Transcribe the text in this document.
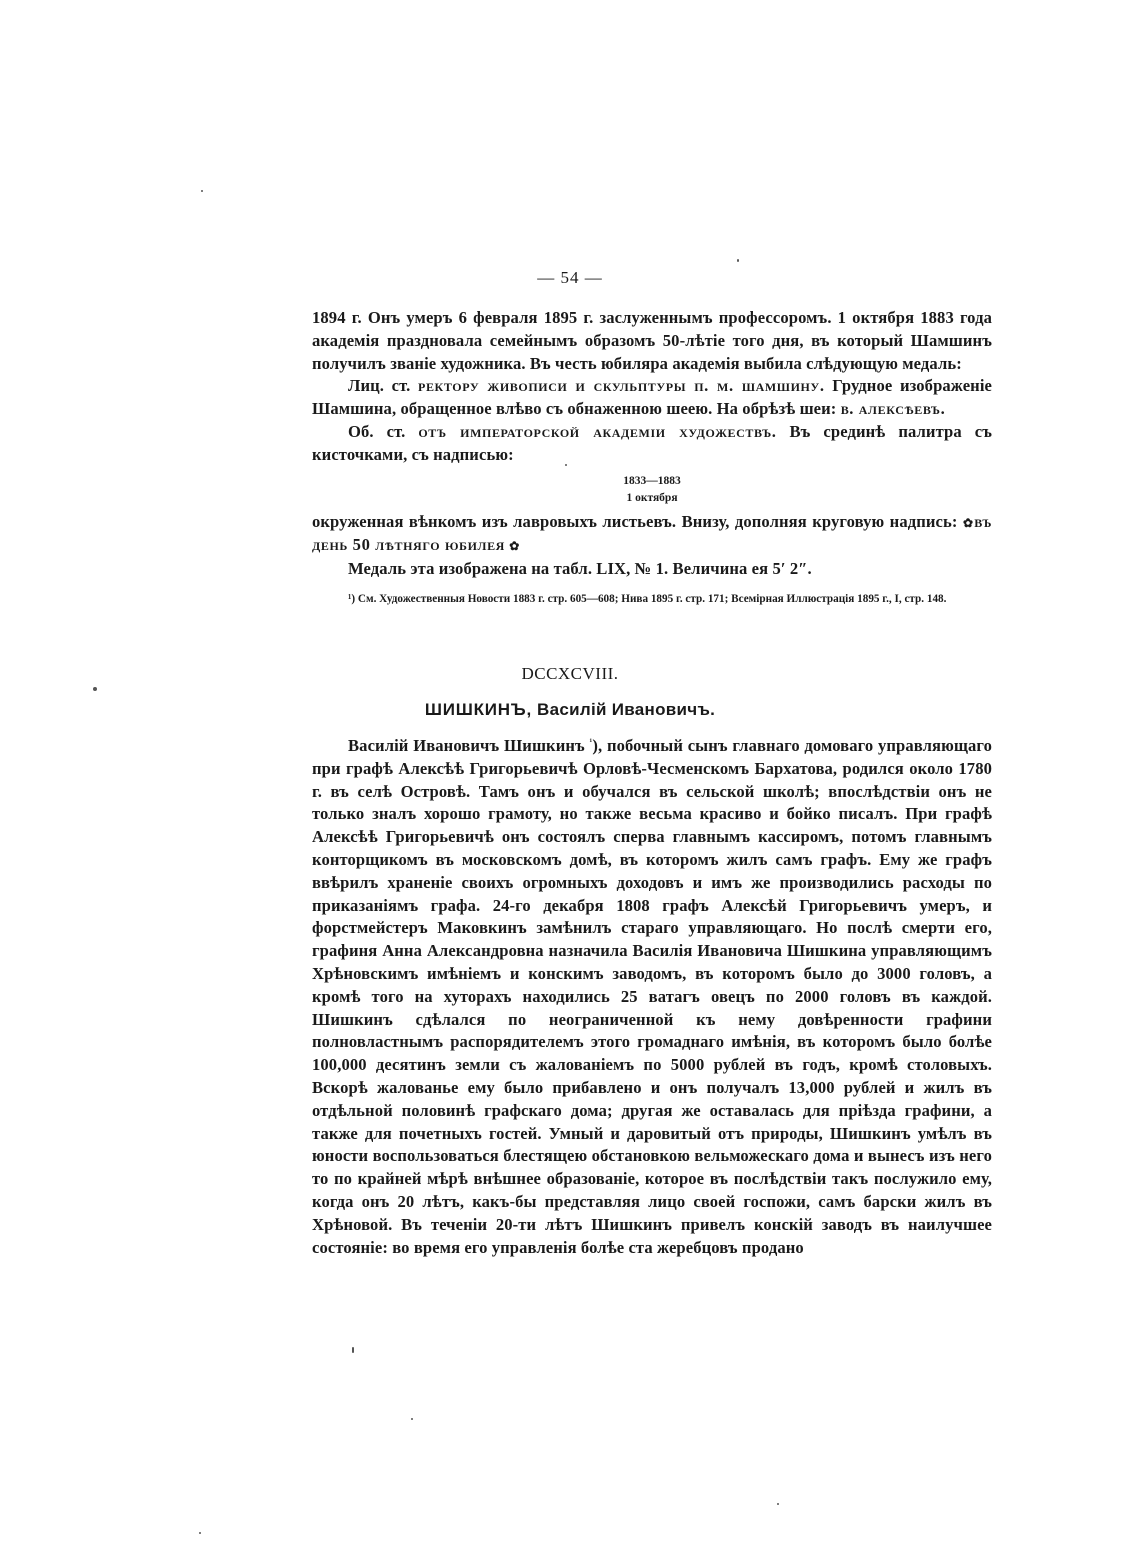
— 54 —

1894 г. Онъ умеръ 6 февраля 1895 г. заслуженнымъ профессоромъ. 1 октября 1883 года академія праздновала семейнымъ образомъ 50-лѣтіе того дня, въ который Шамшинъ получилъ званіе художника. Въ честь юбиляра академія выбила слѣдующую медаль:

Лиц. ст. ректору живописи и скульптуры п. м. шамшину. Грудное изображеніе Шамшина, обращенное влѣво съ обнаженною шеею. На обрѣзѣ шеи: в. алексѣевъ.

Об. ст. отъ императорской академіи художествъ. Въ срединѣ палитра съ кисточками, съ надписью:

1833—1883
1 октября

окруженная вѣнкомъ изъ лавровыхъ листьевъ. Внизу, дополняя круговую надпись: ✿въ день 50 лѣтняго юбилея ✿

Медаль эта изображена на табл. LIX, № 1. Величина ея 5′ 2″.

¹) См. Художественныя Новости 1883 г. стр. 605—608; Нива 1895 г. стр. 171; Всемірная Иллюстрація 1895 г., I, стр. 148.
DCCXCVIII.
ШИШКИНЪ, Василій Ивановичъ.

Василій Ивановичъ Шишкинъ $^{^1}$), побочный сынъ главнаго домоваго управляющаго при графѣ Алексѣѣ Григорьевичѣ Орловѣ-Чесменскомъ Бархатова, родился около 1780 г. въ селѣ Островѣ. Тамъ онъ и обучался въ сельской школѣ; впослѣдствіи онъ не только зналъ хорошо грамоту, но также весьма красиво и бойко писалъ. При графѣ Алексѣѣ Григорьевичѣ онъ состоялъ сперва главнымъ кассиромъ, потомъ главнымъ конторщикомъ въ московскомъ домѣ, въ которомъ жилъ самъ графъ. Ему же графъ ввѣрилъ храненіе своихъ огромныхъ доходовъ и имъ же производились расходы по приказаніямъ графа. 24-го декабря 1808 графъ Алексѣй Григорьевичъ умеръ, и форстмейстеръ Маковкинъ замѣнилъ стараго управляющаго. Но послѣ смерти его, графиня Анна Александровна назначила Василія Ивановича Шишкина управляющимъ Хрѣновскимъ имѣніемъ и конскимъ заводомъ, въ которомъ было до 3000 головъ, а кромѣ того на хуторахъ находились 25 ватагъ овецъ по 2000 головъ въ каждой. Шишкинъ сдѣлался по неограниченной къ нему довѣренности графини полновластнымъ распорядителемъ этого громаднаго имѣнія, въ которомъ было болѣе 100,000 десятинъ земли съ жалованіемъ по 5000 рублей въ годъ, кромѣ столовыхъ. Вскорѣ жалованье ему было прибавлено и онъ получалъ 13,000 рублей и жилъ въ отдѣльной половинѣ графскаго дома; другая же оставалась для пріѣзда графини, а также для почетныхъ гостей. Умный и даровитый отъ природы, Шишкинъ умѣлъ въ юности воспользоваться блестящею обстановкою вельможескаго дома и вынесъ изъ него то по крайней мѣрѣ внѣшнее образованіе, которое въ послѣдствіи такъ послужило ему, когда онъ 20 лѣтъ, какъ-бы представляя лицо своей госпожи, самъ барски жилъ въ Хрѣновой. Въ теченіи 20-ти лѣтъ Шишкинъ привелъ конскій заводъ въ наилучшее состояніе: во время его управленія болѣе ста жеребцовъ продано
